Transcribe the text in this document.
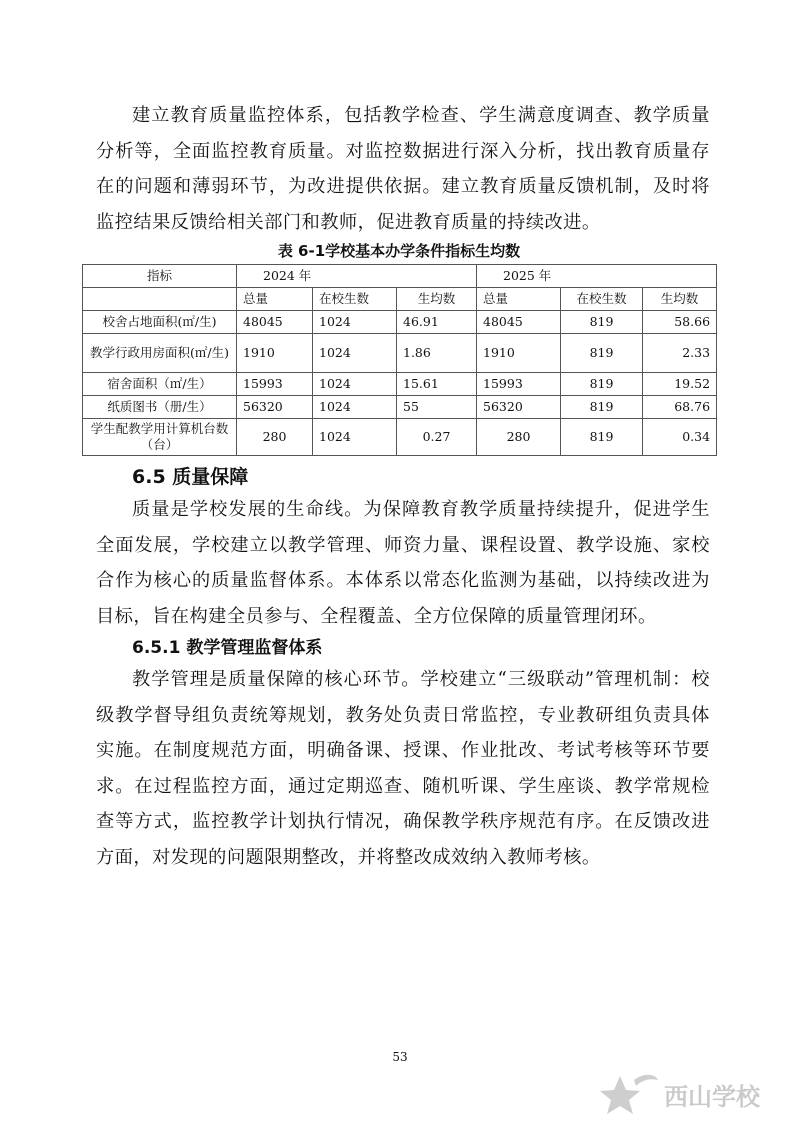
建立教育质量监控体系，包括教学检查、学生满意度调查、教学质量分析等，全面监控教育质量。对监控数据进行深入分析，找出教育质量存在的问题和薄弱环节，为改进提供依据。建立教育质量反馈机制，及时将监控结果反馈给相关部门和教师，促进教育质量的持续改进。

表 6-1学校基本办学条件指标生均数
指标	2024 年			2025 年		
	总量	在校生数	生均数	总量	在校生数	生均数
校舍占地面积(㎡/生)	48045	1024	46.91	48045	819	58.66
教学行政用房面积(㎡/生)	1910	1024	1.86	1910	819	2.33
宿舍面积（㎡/生）	15993	1024	15.61	15993	819	19.52
纸质图书（册/生）	56320	1024	55	56320	819	68.76
学生配教学用计算机台数（台）	280	1024	0.27	280	819	0.34
6.5 质量保障

质量是学校发展的生命线。为保障教育教学质量持续提升，促进学生全面发展，学校建立以教学管理、师资力量、课程设置、教学设施、家校合作为核心的质量监督体系。本体系以常态化监测为基础，以持续改进为目标，旨在构建全员参与、全程覆盖、全方位保障的质量管理闭环。

6.5.1 教学管理监督体系

教学管理是质量保障的核心环节。学校建立“三级联动”管理机制：校级教学督导组负责统筹规划，教务处负责日常监控，专业教研组负责具体实施。在制度规范方面，明确备课、授课、作业批改、考试考核等环节要求。在过程监控方面，通过定期巡查、随机听课、学生座谈、教学常规检查等方式，监控教学计划执行情况，确保教学秩序规范有序。在反馈改进方面，对发现的问题限期整改，并将整改成效纳入教师考核。

53
西山学校
